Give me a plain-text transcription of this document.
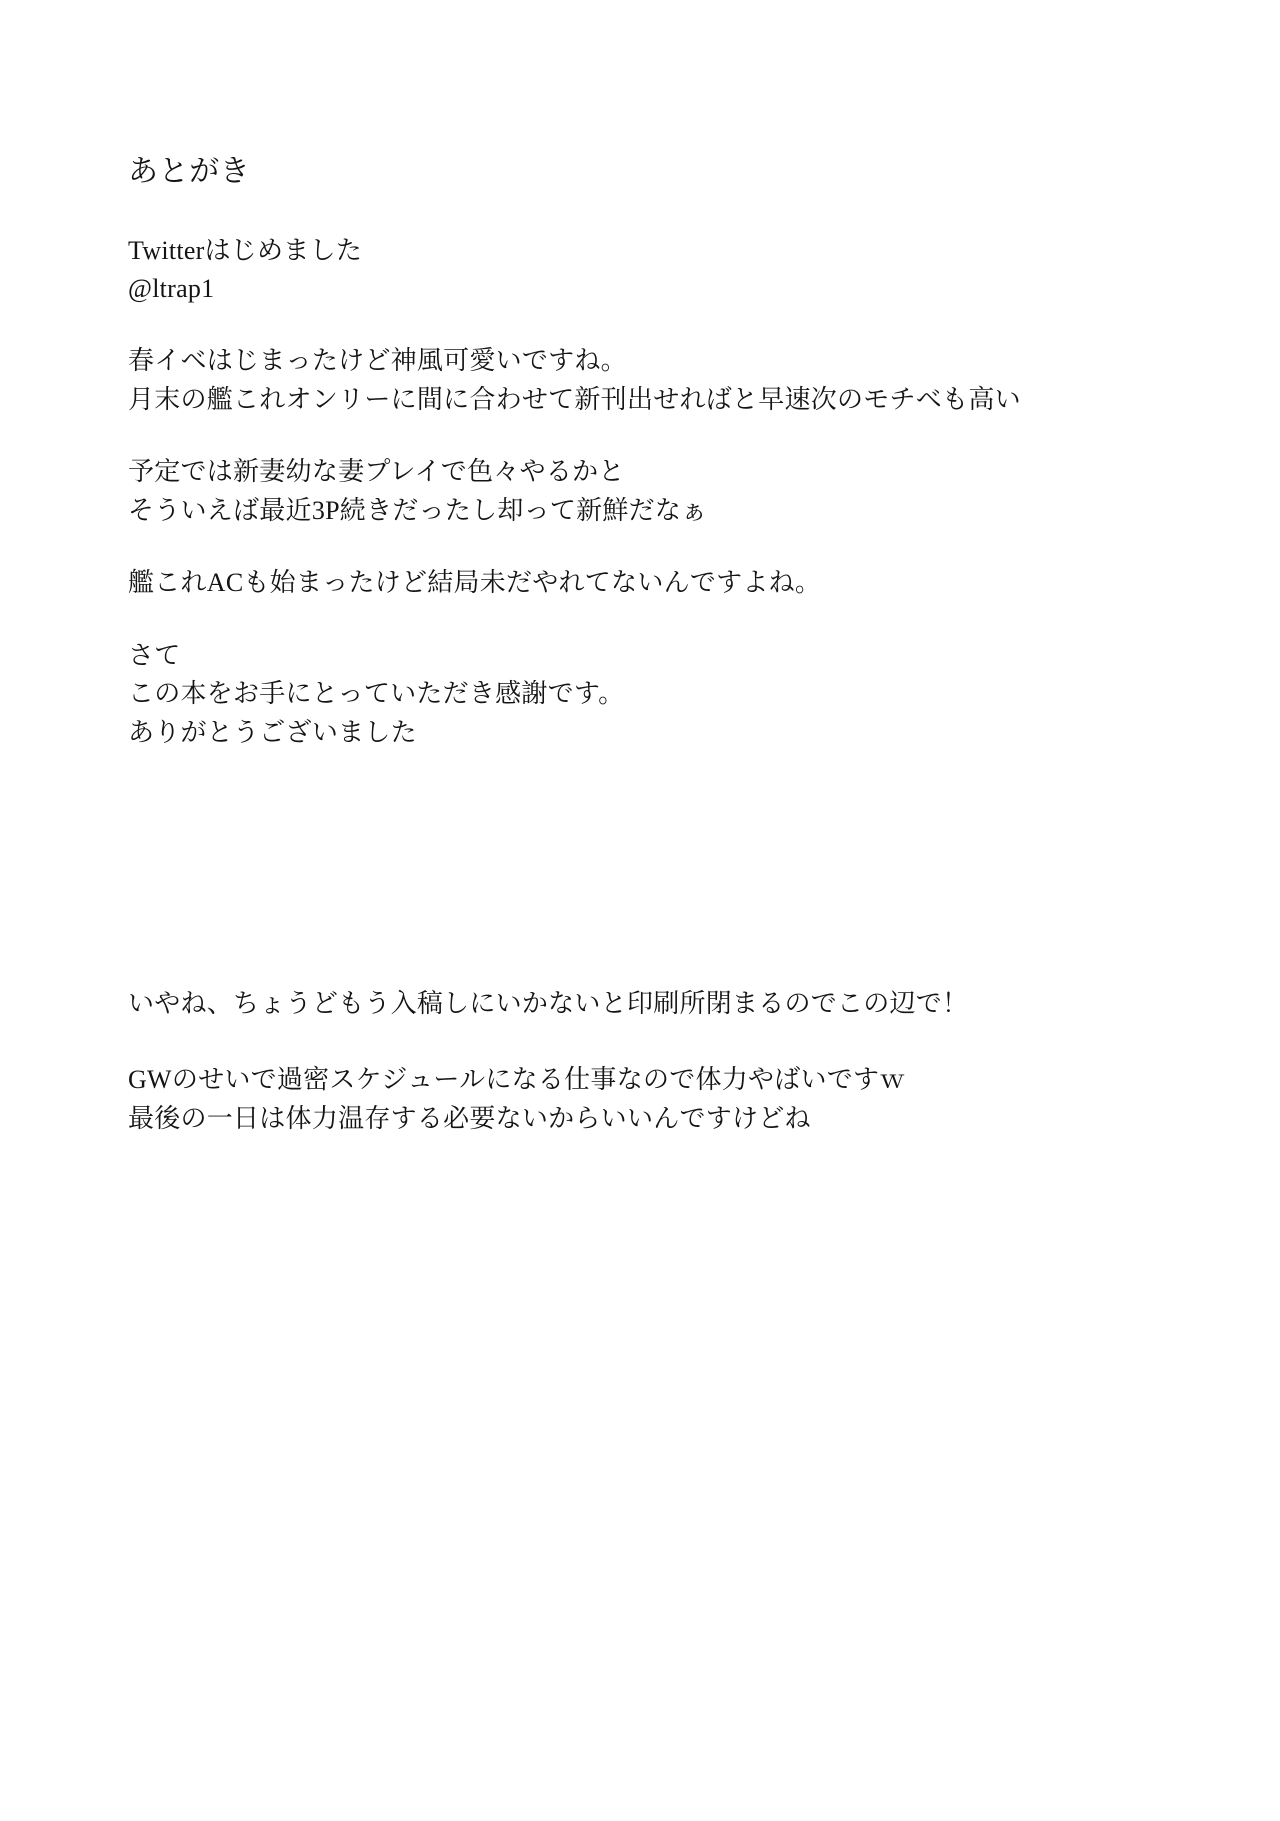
あとがき

Twitterはじめました

@ltrap1

春イベはじまったけど神風可愛いですね。

月末の艦これオンリーに間に合わせて新刊出せればと早速次のモチベも高い

予定では新妻幼な妻プレイで色々やるかと

そういえば最近3P続きだったし却って新鮮だなぁ

艦これACも始まったけど結局未だやれてないんですよね。

さて

この本をお手にとっていただき感謝です。

ありがとうございました

いやね、ちょうどもう入稿しにいかないと印刷所閉まるのでこの辺で！

GWのせいで過密スケジュールになる仕事なので体力やばいですｗ

最後の一日は体力温存する必要ないからいいんですけどね
